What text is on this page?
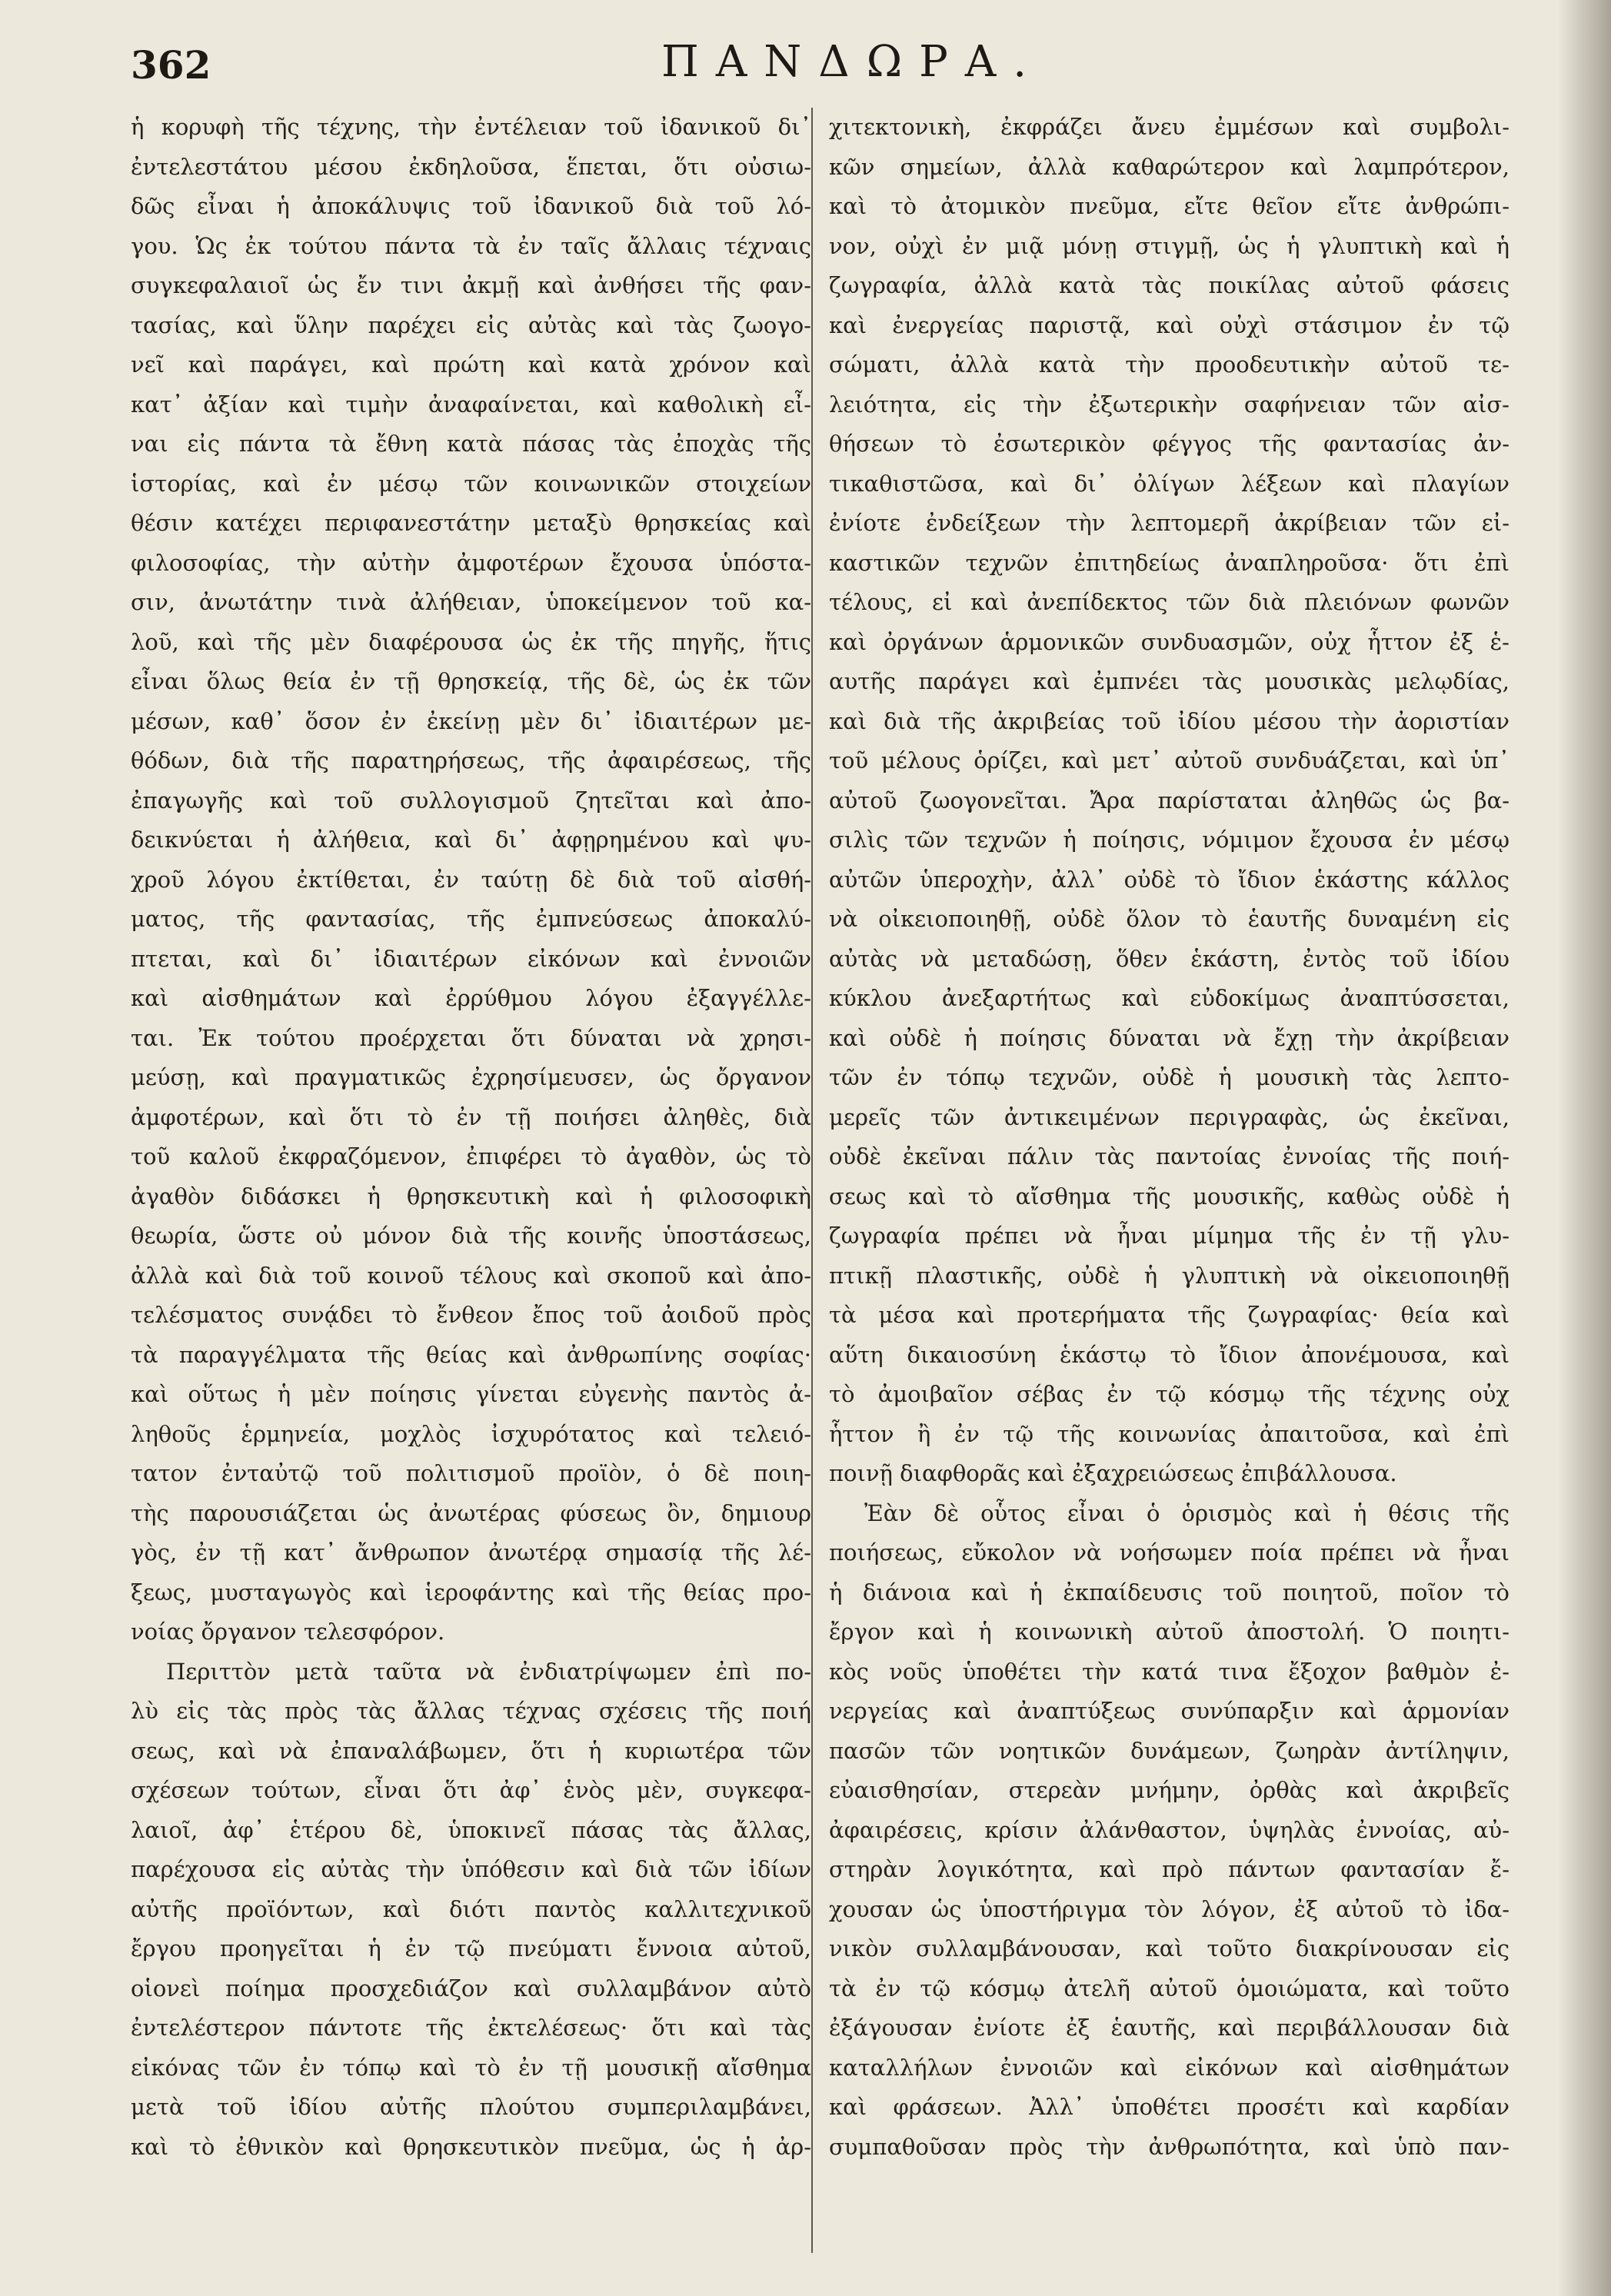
362	ΠΑΝΔΩΡΑ.
ἡ κορυφὴ τῆς τέχνης, τὴν ἐντέλειαν τοῦ ἰδανικοῦ δι᾽
ἐντελεστάτου μέσου ἐκδηλοῦσα, ἕπεται, ὅτι οὐσιω-
δῶς εἶναι ἡ ἀποκάλυψις τοῦ ἰδανικοῦ διὰ τοῦ λό-
γου. Ὡς ἐκ τούτου πάντα τὰ ἐν ταῖς ἄλλαις τέχναις
συγκεφαλαιοῖ ὡς ἔν τινι ἀκμῇ καὶ ἀνθήσει τῆς φαν-
τασίας, καὶ ὕλην παρέχει εἰς αὐτὰς καὶ τὰς ζωογο-
νεῖ καὶ παράγει, καὶ πρώτη καὶ κατὰ χρόνον καὶ
κατ᾽ ἀξίαν καὶ τιμὴν ἀναφαίνεται, καὶ καθολικὴ εἶ-
ναι εἰς πάντα τὰ ἔθνη κατὰ πάσας τὰς ἐποχὰς τῆς
ἱστορίας, καὶ ἐν μέσῳ τῶν κοινωνικῶν στοιχείων
θέσιν κατέχει περιφανεστάτην μεταξὺ θρησκείας καὶ
φιλοσοφίας, τὴν αὐτὴν ἀμφοτέρων ἔχουσα ὑπόστα-
σιν, ἀνωτάτην τινὰ ἀλήθειαν, ὑποκείμενον τοῦ κα-
λοῦ, καὶ τῆς μὲν διαφέρουσα ὡς ἐκ τῆς πηγῆς, ἥτις
εἶναι ὅλως θεία ἐν τῇ θρησκείᾳ, τῆς δὲ, ὡς ἐκ τῶν
μέσων, καθ᾽ ὅσον ἐν ἐκείνῃ μὲν δι᾽ ἰδιαιτέρων με-
θόδων, διὰ τῆς παρατηρήσεως, τῆς ἀφαιρέσεως, τῆς
ἐπαγωγῆς καὶ τοῦ συλλογισμοῦ ζητεῖται καὶ ἀπο-
δεικνύεται ἡ ἀλήθεια, καὶ δι᾽ ἀφῃρημένου καὶ ψυ-
χροῦ λόγου ἐκτίθεται, ἐν ταύτῃ δὲ διὰ τοῦ αἰσθή-
ματος, τῆς φαντασίας, τῆς ἐμπνεύσεως ἀποκαλύ-
πτεται, καὶ δι᾽ ἰδιαιτέρων εἰκόνων καὶ ἐννοιῶν
καὶ αἰσθημάτων καὶ ἐρρύθμου λόγου ἐξαγγέλλε-
ται. Ἐκ τούτου προέρχεται ὅτι δύναται νὰ χρησι-
μεύσῃ, καὶ πραγματικῶς ἐχρησίμευσεν, ὡς ὄργανον
ἀμφοτέρων, καὶ ὅτι τὸ ἐν τῇ ποιήσει ἀληθὲς, διὰ
τοῦ καλοῦ ἐκφραζόμενον, ἐπιφέρει τὸ ἀγαθὸν, ὡς τὸ
ἀγαθὸν διδάσκει ἡ θρησκευτικὴ καὶ ἡ φιλοσοφικὴ
θεωρία, ὥστε οὐ μόνον διὰ τῆς κοινῆς ὑποστάσεως,
ἀλλὰ καὶ διὰ τοῦ κοινοῦ τέλους καὶ σκοποῦ καὶ ἀπο-
τελέσματος συνᾴδει τὸ ἔνθεον ἔπος τοῦ ἀοιδοῦ πρὸς
τὰ παραγγέλματα τῆς θείας καὶ ἀνθρωπίνης σοφίας·
καὶ οὕτως ἡ μὲν ποίησις γίνεται εὐγενὴς παντὸς ἀ-
ληθοῦς ἑρμηνεία, μοχλὸς ἰσχυρότατος καὶ τελειό-
τατον ἐνταὐτῷ τοῦ πολιτισμοῦ προϊὸν, ὁ δὲ ποιη-
τὴς παρουσιάζεται ὡς ἀνωτέρας φύσεως ὂν, δημιουρ
γὸς, ἐν τῇ κατ᾽ ἄνθρωπον ἀνωτέρᾳ σημασίᾳ τῆς λέ-
ξεως, μυσταγωγὸς καὶ ἱεροφάντης καὶ τῆς θείας προ-
νοίας ὄργανον τελεσφόρον.
Περιττὸν μετὰ ταῦτα νὰ ἐνδιατρίψωμεν ἐπὶ πο-
λὺ εἰς τὰς πρὸς τὰς ἄλλας τέχνας σχέσεις τῆς ποιή
σεως, καὶ νὰ ἐπαναλάβωμεν, ὅτι ἡ κυριωτέρα τῶν
σχέσεων τούτων, εἶναι ὅτι ἀφ᾽ ἑνὸς μὲν, συγκεφα-
λαιοῖ, ἀφ᾽ ἑτέρου δὲ, ὑποκινεῖ πάσας τὰς ἄλλας,
παρέχουσα εἰς αὐτὰς τὴν ὑπόθεσιν καὶ διὰ τῶν ἰδίων
αὐτῆς προϊόντων, καὶ διότι παντὸς καλλιτεχνικοῦ
ἔργου προηγεῖται ἡ ἐν τῷ πνεύματι ἔννοια αὐτοῦ,
οἱονεὶ ποίημα προσχεδιάζον καὶ συλλαμβάνον αὐτὸ
ἐντελέστερον πάντοτε τῆς ἐκτελέσεως· ὅτι καὶ τὰς
εἰκόνας τῶν ἐν τόπῳ καὶ τὸ ἐν τῇ μουσικῇ αἴσθημα
μετὰ τοῦ ἰδίου αὐτῆς πλούτου συμπεριλαμβάνει,
καὶ τὸ ἐθνικὸν καὶ θρησκευτικὸν πνεῦμα, ὡς ἡ ἀρ-
χιτεκτονικὴ, ἐκφράζει ἄνευ ἐμμέσων καὶ συμβολι-
κῶν σημείων, ἀλλὰ καθαρώτερον καὶ λαμπρότερον,
καὶ τὸ ἀτομικὸν πνεῦμα, εἴτε θεῖον εἴτε ἀνθρώπι-
νον, οὐχὶ ἐν μιᾷ μόνῃ στιγμῇ, ὡς ἡ γλυπτικὴ καὶ ἡ
ζωγραφία, ἀλλὰ κατὰ τὰς ποικίλας αὐτοῦ φάσεις
καὶ ἐνεργείας παριστᾷ, καὶ οὐχὶ στάσιμον ἐν τῷ
σώματι, ἀλλὰ κατὰ τὴν προοδευτικὴν αὐτοῦ τε-
λειότητα, εἰς τὴν ἐξωτερικὴν σαφήνειαν τῶν αἰσ-
θήσεων τὸ ἐσωτερικὸν φέγγος τῆς φαντασίας ἀν-
τικαθιστῶσα, καὶ δι᾽ ὀλίγων λέξεων καὶ πλαγίων
ἐνίοτε ἐνδείξεων τὴν λεπτομερῆ ἀκρίβειαν τῶν εἰ-
καστικῶν τεχνῶν ἐπιτηδείως ἀναπληροῦσα· ὅτι ἐπὶ
τέλους, εἰ καὶ ἀνεπίδεκτος τῶν διὰ πλειόνων φωνῶν
καὶ ὀργάνων ἁρμονικῶν συνδυασμῶν, οὐχ ἧττον ἐξ ἑ-
αυτῆς παράγει καὶ ἐμπνέει τὰς μουσικὰς μελῳδίας,
καὶ διὰ τῆς ἀκριβείας τοῦ ἰδίου μέσου τὴν ἀοριστίαν
τοῦ μέλους ὁρίζει, καὶ μετ᾽ αὐτοῦ συνδυάζεται, καὶ ὑπ᾽
αὐτοῦ ζωογονεῖται. Ἄρα παρίσταται ἀληθῶς ὡς βα-
σιλὶς τῶν τεχνῶν ἡ ποίησις, νόμιμον ἔχουσα ἐν μέσῳ
αὐτῶν ὑπεροχὴν, ἀλλ᾽ οὐδὲ τὸ ἴδιον ἑκάστης κάλλος
νὰ οἰκειοποιηθῇ, οὐδὲ ὅλον τὸ ἑαυτῆς δυναμένη εἰς
αὐτὰς νὰ μεταδώσῃ, ὅθεν ἑκάστη, ἐντὸς τοῦ ἰδίου
κύκλου ἀνεξαρτήτως καὶ εὐδοκίμως ἀναπτύσσεται,
καὶ οὐδὲ ἡ ποίησις δύναται νὰ ἔχῃ τὴν ἀκρίβειαν
τῶν ἐν τόπῳ τεχνῶν, οὐδὲ ἡ μουσικὴ τὰς λεπτο-
μερεῖς τῶν ἀντικειμένων περιγραφὰς, ὡς ἐκεῖναι,
οὐδὲ ἐκεῖναι πάλιν τὰς παντοίας ἐννοίας τῆς ποιή-
σεως καὶ τὸ αἴσθημα τῆς μουσικῆς, καθὼς οὐδὲ ἡ
ζωγραφία πρέπει νὰ ἦναι μίμημα τῆς ἐν τῇ γλυ-
πτικῇ πλαστικῆς, οὐδὲ ἡ γλυπτικὴ νὰ οἰκειοποιηθῇ
τὰ μέσα καὶ προτερήματα τῆς ζωγραφίας· θεία καὶ
αὕτη δικαιοσύνη ἑκάστῳ τὸ ἴδιον ἀπονέμουσα, καὶ
τὸ ἀμοιβαῖον σέβας ἐν τῷ κόσμῳ τῆς τέχνης οὐχ
ἧττον ἢ ἐν τῷ τῆς κοινωνίας ἀπαιτοῦσα, καὶ ἐπὶ
ποινῇ διαφθορᾶς καὶ ἐξαχρειώσεως ἐπιβάλλουσα.
Ἐὰν δὲ οὗτος εἶναι ὁ ὁρισμὸς καὶ ἡ θέσις τῆς
ποιήσεως, εὔκολον νὰ νοήσωμεν ποία πρέπει νὰ ἦναι
ἡ διάνοια καὶ ἡ ἐκπαίδευσις τοῦ ποιητοῦ, ποῖον τὸ
ἔργον καὶ ἡ κοινωνικὴ αὐτοῦ ἀποστολή. Ὁ ποιητι-
κὸς νοῦς ὑποθέτει τὴν κατά τινα ἔξοχον βαθμὸν ἐ-
νεργείας καὶ ἀναπτύξεως συνύπαρξιν καὶ ἁρμονίαν
πασῶν τῶν νοητικῶν δυνάμεων, ζωηρὰν ἀντίληψιν,
εὐαισθησίαν, στερεὰν μνήμην, ὀρθὰς καὶ ἀκριβεῖς
ἀφαιρέσεις, κρίσιν ἀλάνθαστον, ὑψηλὰς ἐννοίας, αὐ-
στηρὰν λογικότητα, καὶ πρὸ πάντων φαντασίαν ἔ-
χουσαν ὡς ὑποστήριγμα τὸν λόγον, ἐξ αὐτοῦ τὸ ἰδα-
νικὸν συλλαμβάνουσαν, καὶ τοῦτο διακρίνουσαν εἰς
τὰ ἐν τῷ κόσμῳ ἀτελῆ αὐτοῦ ὁμοιώματα, καὶ τοῦτο
ἐξάγουσαν ἐνίοτε ἐξ ἑαυτῆς, καὶ περιβάλλουσαν διὰ
καταλλήλων ἐννοιῶν καὶ εἰκόνων καὶ αἰσθημάτων
καὶ φράσεων. Ἀλλ᾽ ὑποθέτει προσέτι καὶ καρδίαν
συμπαθοῦσαν πρὸς τὴν ἀνθρωπότητα, καὶ ὑπὸ παν-
